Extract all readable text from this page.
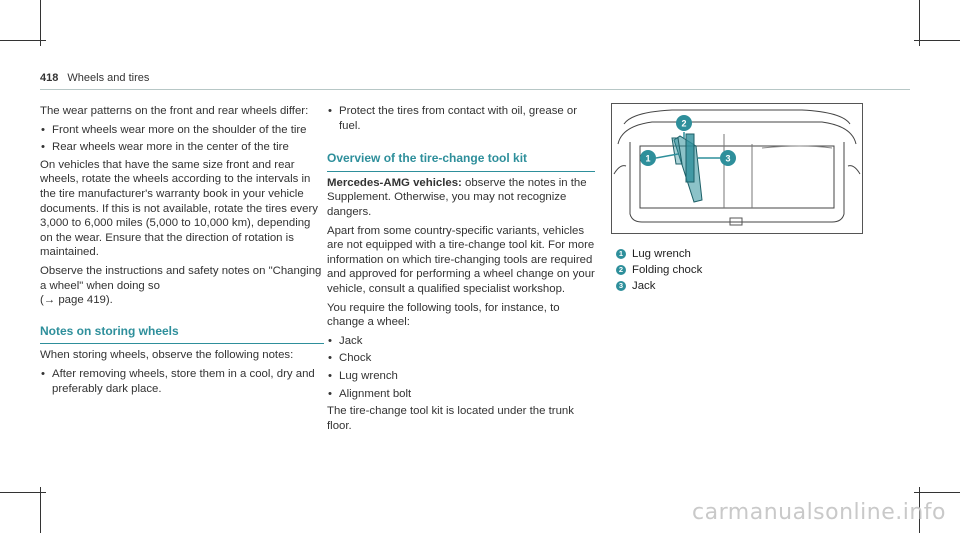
418 Wheels and tires

The wear patterns on the front and rear wheels differ:

• Front wheels wear more on the shoulder of the tire
• Rear wheels wear more in the center of the tire

On vehicles that have the same size front and rear wheels, rotate the wheels according to the intervals in the tire manufacturer's warranty book in your vehicle documents. If this is not available, rotate the tires every 3,000 to 6,000 miles (5,000 to 10,000 km), depending on the wear. Ensure that the direction of rotation is maintained.

Observe the instructions and safety notes on "Changing a wheel" when doing so

(→ page 419).

Notes on storing wheels

When storing wheels, observe the following notes:

• After removing wheels, store them in a cool, dry and preferably dark place.
• Protect the tires from contact with oil, grease or fuel.
Overview of the tire-change tool kit

Mercedes-AMG vehicles: observe the notes in the Supplement. Otherwise, you may not recognize dangers.

Apart from some country-specific variants, vehicles are not equipped with a tire-change tool kit. For more information on which tire-changing tools are required and approved for performing a wheel change on your vehicle, consult a qualified specialist workshop.

You require the following tools, for instance, to change a wheel:

• Jack
• Chock
• Lug wrench
• Alignment bolt

The tire-change tool kit is located under the trunk floor.

1
2
3
1 Lug wrench
2 Folding chock
3 Jack
carmanualsonline.info
